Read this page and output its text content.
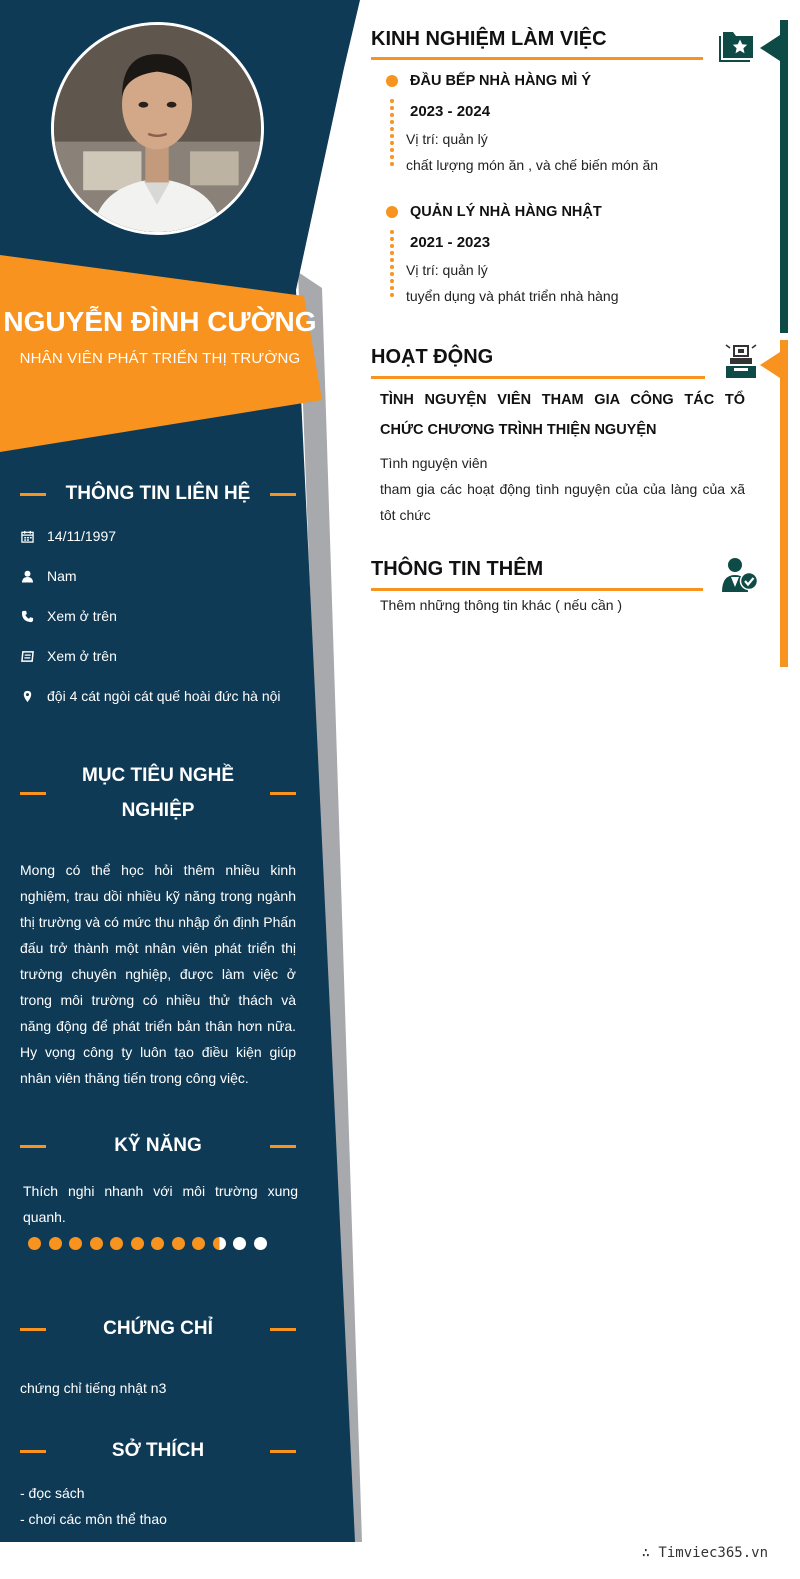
NGUYỄN ĐÌNH CƯỜNG
NHÂN VIÊN PHÁT TRIỂN THỊ TRƯỜNG
THÔNG TIN LIÊN HỆ
14/11/1997
Nam
Xem ở trên
Xem ở trên
đội 4 cát ngòi cát quế hoài đức hà nội
MỤC TIÊU NGHỀ
NGHIỆP
Mong có thể học hỏi thêm nhiều kinh nghiệm, trau dồi nhiều kỹ năng trong ngành thị trường và có mức thu nhập ổn định Phấn đấu trở thành một nhân viên phát triển thị trường chuyên nghiệp, được làm việc ở trong môi trường có nhiều thử thách và năng động để phát triển bản thân hơn nữa. Hy vọng công ty luôn tạo điều kiện giúp nhân viên thăng tiến trong công việc.
KỸ NĂNG
Thích nghi nhanh với môi trường xung quanh.
CHỨNG CHỈ
chứng chỉ tiếng nhật n3
SỞ THÍCH
- đọc sách
- chơi các môn thể thao
KINH NGHIỆM LÀM VIỆC
ĐẦU BẾP NHÀ HÀNG MÌ Ý
2023 - 2024
Vị trí: quản lý
chất lượng món ăn , và chế biến món ăn
QUẢN LÝ NHÀ HÀNG NHẬT
2021 - 2023
Vị trí: quản lý
tuyển dụng và phát triển nhà hàng
HOẠT ĐỘNG
TÌNH NGUYỆN VIÊN THAM GIA CÔNG TÁC TỔ CHỨC CHƯƠNG TRÌNH THIỆN NGUYỆN
Tình nguyện viên
tham gia các hoạt động tình nguyện của của làng của xã tôt chức
THÔNG TIN THÊM
Thêm những thông tin khác ( nếu cần )
∴ Timviec365.vn
